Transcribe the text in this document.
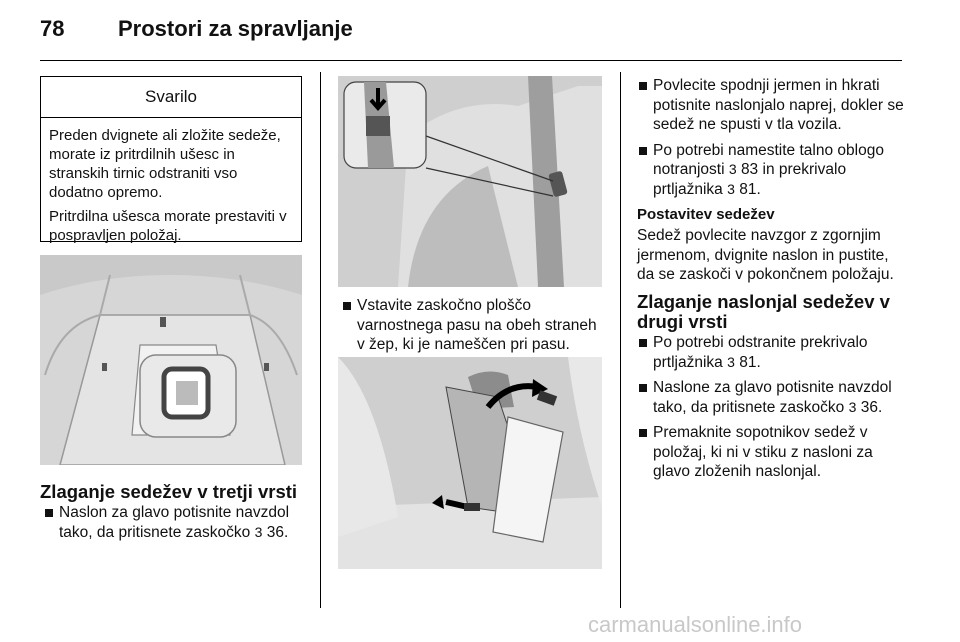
78 Prostori za spravljanje
Svarilo

Preden dvignete ali zložite sedeže, morate iz pritrdilnih ušesc in stranskih tirnic odstraniti vso dodatno opremo.

Pritrdilna ušesca morate prestaviti v pospravljen položaj.

Zlaganje sedežev v tretji vrsti
Naslon za glavo potisnite navzdol tako, da pritisnete zaskočko 3 36.
Vstavite zaskočno ploščo varnostnega pasu na obeh straneh v žep, ki je nameščen pri pasu.
Povlecite spodnji jermen in hkrati potisnite naslonjalo naprej, dokler se sedež ne spusti v tla vozila.
Po potrebi namestite talno oblogo notranjosti 3 83 in prekrivalo prtljažnika 3 81.
Postavitev sedežev

Sedež povlecite navzgor z zgornjim jermenom, dvignite naslon in pustite, da se zaskoči v pokončnem položaju.

Zlaganje naslonjal sedežev v drugi vrsti
Po potrebi odstranite prekrivalo prtljažnika 3 81.
Naslone za glavo potisnite navzdol tako, da pritisnete zaskočko 3 36.
Premaknite sopotnikov sedež v položaj, ki ni v stiku z nasloni za glavo zloženih naslonjal.
carmanualsonline.info
